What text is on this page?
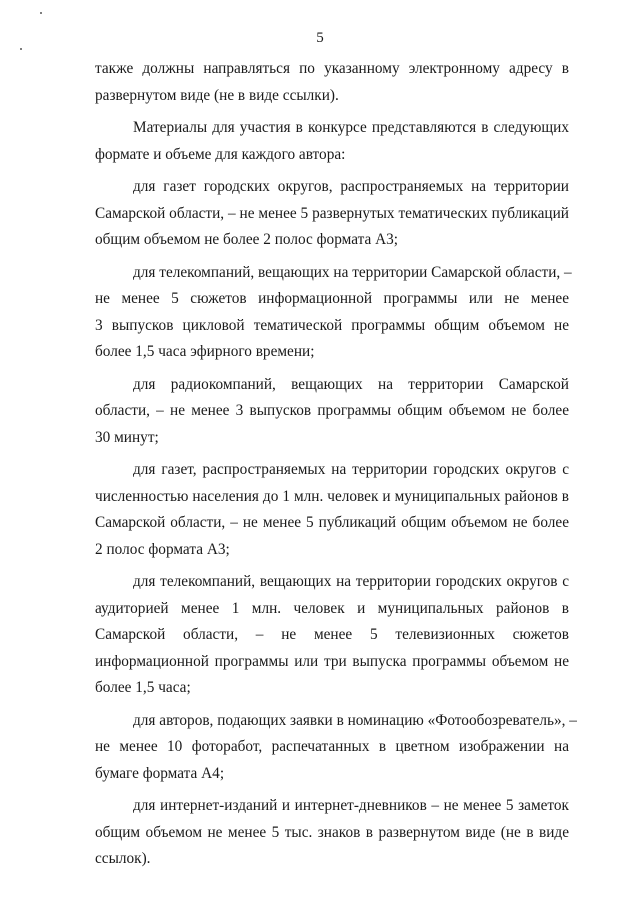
5
также должны направляться по указанному электронному адресу в
развернутом виде (не в виде ссылки).
Материалы для участия в конкурсе представляются в следующих
формате и объеме для каждого автора:
для газет городских округов, распространяемых на территории
Самарской области, – не менее 5 развернутых тематических публикаций
общим объемом не более 2 полос формата А3;
для телекомпаний, вещающих на территории Самарской области, –
не менее 5 сюжетов информационной программы или не менее
3 выпусков цикловой тематической программы общим объемом не
более 1,5 часа эфирного времени;
для радиокомпаний, вещающих на территории Самарской
области, – не менее 3 выпусков программы общим объемом не более
30 минут;
для газет, распространяемых на территории городских округов с
численностью населения до 1 млн. человек и муниципальных районов в
Самарской области, – не менее 5 публикаций общим объемом не более
2 полос формата А3;
для телекомпаний, вещающих на территории городских округов с
аудиторией менее 1 млн. человек и муниципальных районов в
Самарской области, – не менее 5 телевизионных сюжетов
информационной программы или три выпуска программы объемом не
более 1,5 часа;
для авторов, подающих заявки в номинацию «Фотообозреватель», –
не менее 10 фоторабот, распечатанных в цветном изображении на
бумаге формата А4;
для интернет-изданий и интернет-дневников – не менее 5 заметок
общим объемом не менее 5 тыс. знаков в развернутом виде (не в виде
ссылок).
